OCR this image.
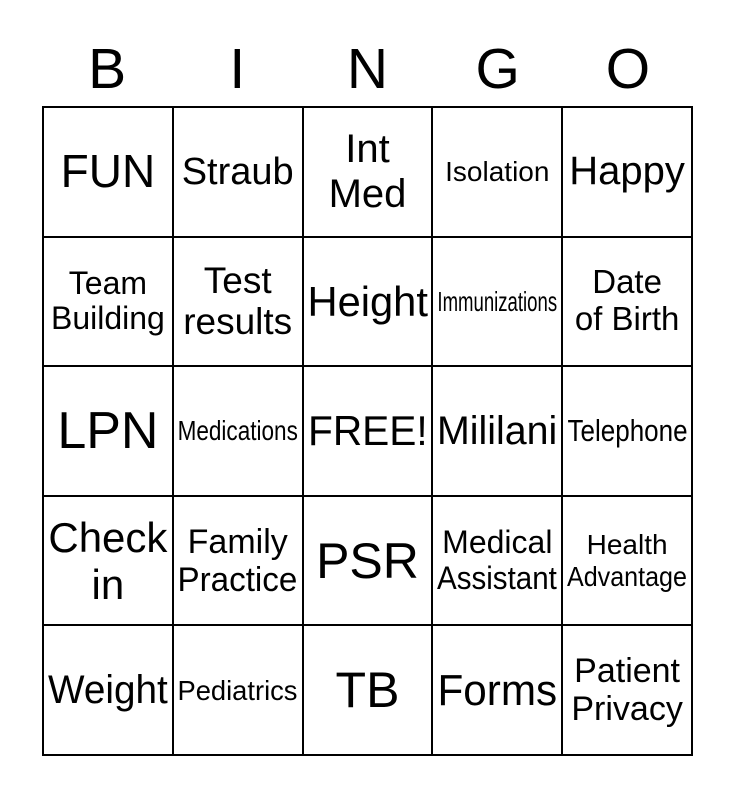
B	I	N	G	O
FUN Straub
Int
Med
Isolation Happy
Team
Building
Test
results Height Immunizations
Date
of Birth
LPN Medications FREE! Mililani Telephone
Check
in
Family
Practice PSR Medical
Assistant
Health
Advantage
Weight Pediatrics TB Forms Patient
Privacy
